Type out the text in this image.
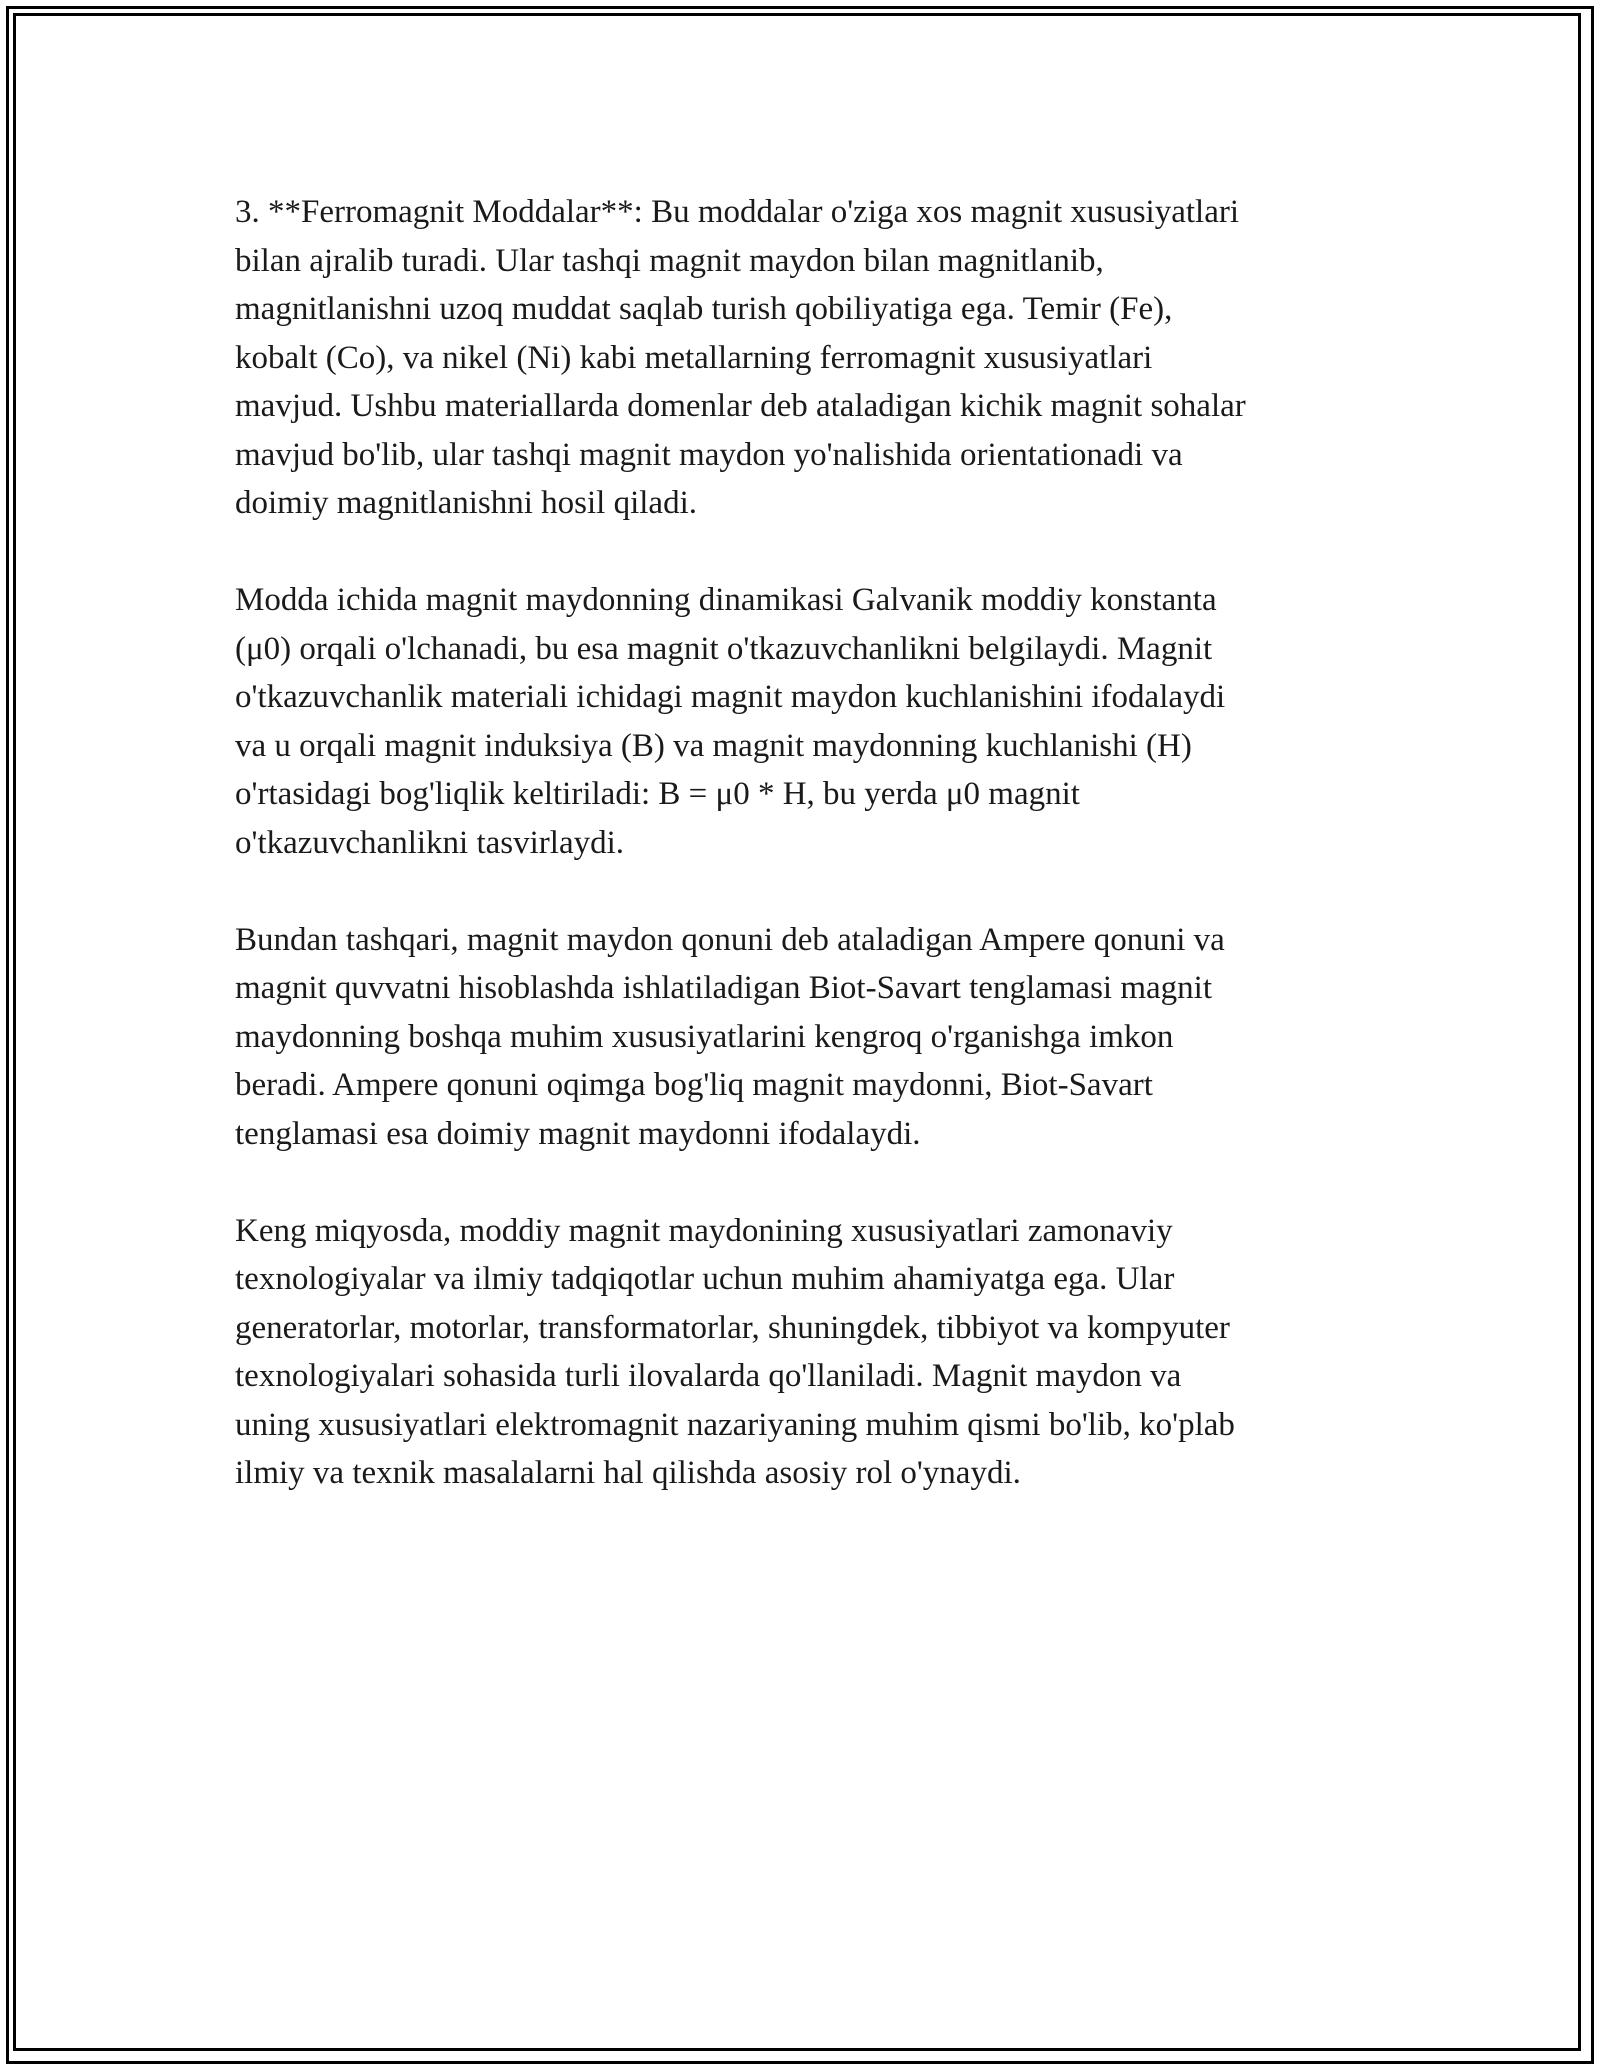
3. **Ferromagnit Moddalar**: Bu moddalar o'ziga xos magnit xususiyatlari
bilan ajralib turadi. Ular tashqi magnit maydon bilan magnitlanib,
magnitlanishni uzoq muddat saqlab turish qobiliyatiga ega. Temir (Fe),
kobalt (Co), va nikel (Ni) kabi metallarning ferromagnit xususiyatlari
mavjud. Ushbu materiallarda domenlar deb ataladigan kichik magnit sohalar
mavjud bo'lib, ular tashqi magnit maydon yo'nalishida orientationadi va
doimiy magnitlanishni hosil qiladi.

Modda ichida magnit maydonning dinamikasi Galvanik moddiy konstanta
(μ0) orqali o'lchanadi, bu esa magnit o'tkazuvchanlikni belgilaydi. Magnit
o'tkazuvchanlik materiali ichidagi magnit maydon kuchlanishini ifodalaydi
va u orqali magnit induksiya (B) va magnit maydonning kuchlanishi (H)
o'rtasidagi bog'liqlik keltiriladi: B = μ0 * H, bu yerda μ0 magnit
o'tkazuvchanlikni tasvirlaydi.

Bundan tashqari, magnit maydon qonuni deb ataladigan Ampere qonuni va
magnit quvvatni hisoblashda ishlatiladigan Biot-Savart tenglamasi magnit
maydonning boshqa muhim xususiyatlarini kengroq o'rganishga imkon
beradi. Ampere qonuni oqimga bog'liq magnit maydonni, Biot-Savart
tenglamasi esa doimiy magnit maydonni ifodalaydi.

Keng miqyosda, moddiy magnit maydonining xususiyatlari zamonaviy
texnologiyalar va ilmiy tadqiqotlar uchun muhim ahamiyatga ega. Ular
generatorlar, motorlar, transformatorlar, shuningdek, tibbiyot va kompyuter
texnologiyalari sohasida turli ilovalarda qo'llaniladi. Magnit maydon va
uning xususiyatlari elektromagnit nazariyaning muhim qismi bo'lib, ko'plab
ilmiy va texnik masalalarni hal qilishda asosiy rol o'ynaydi.
